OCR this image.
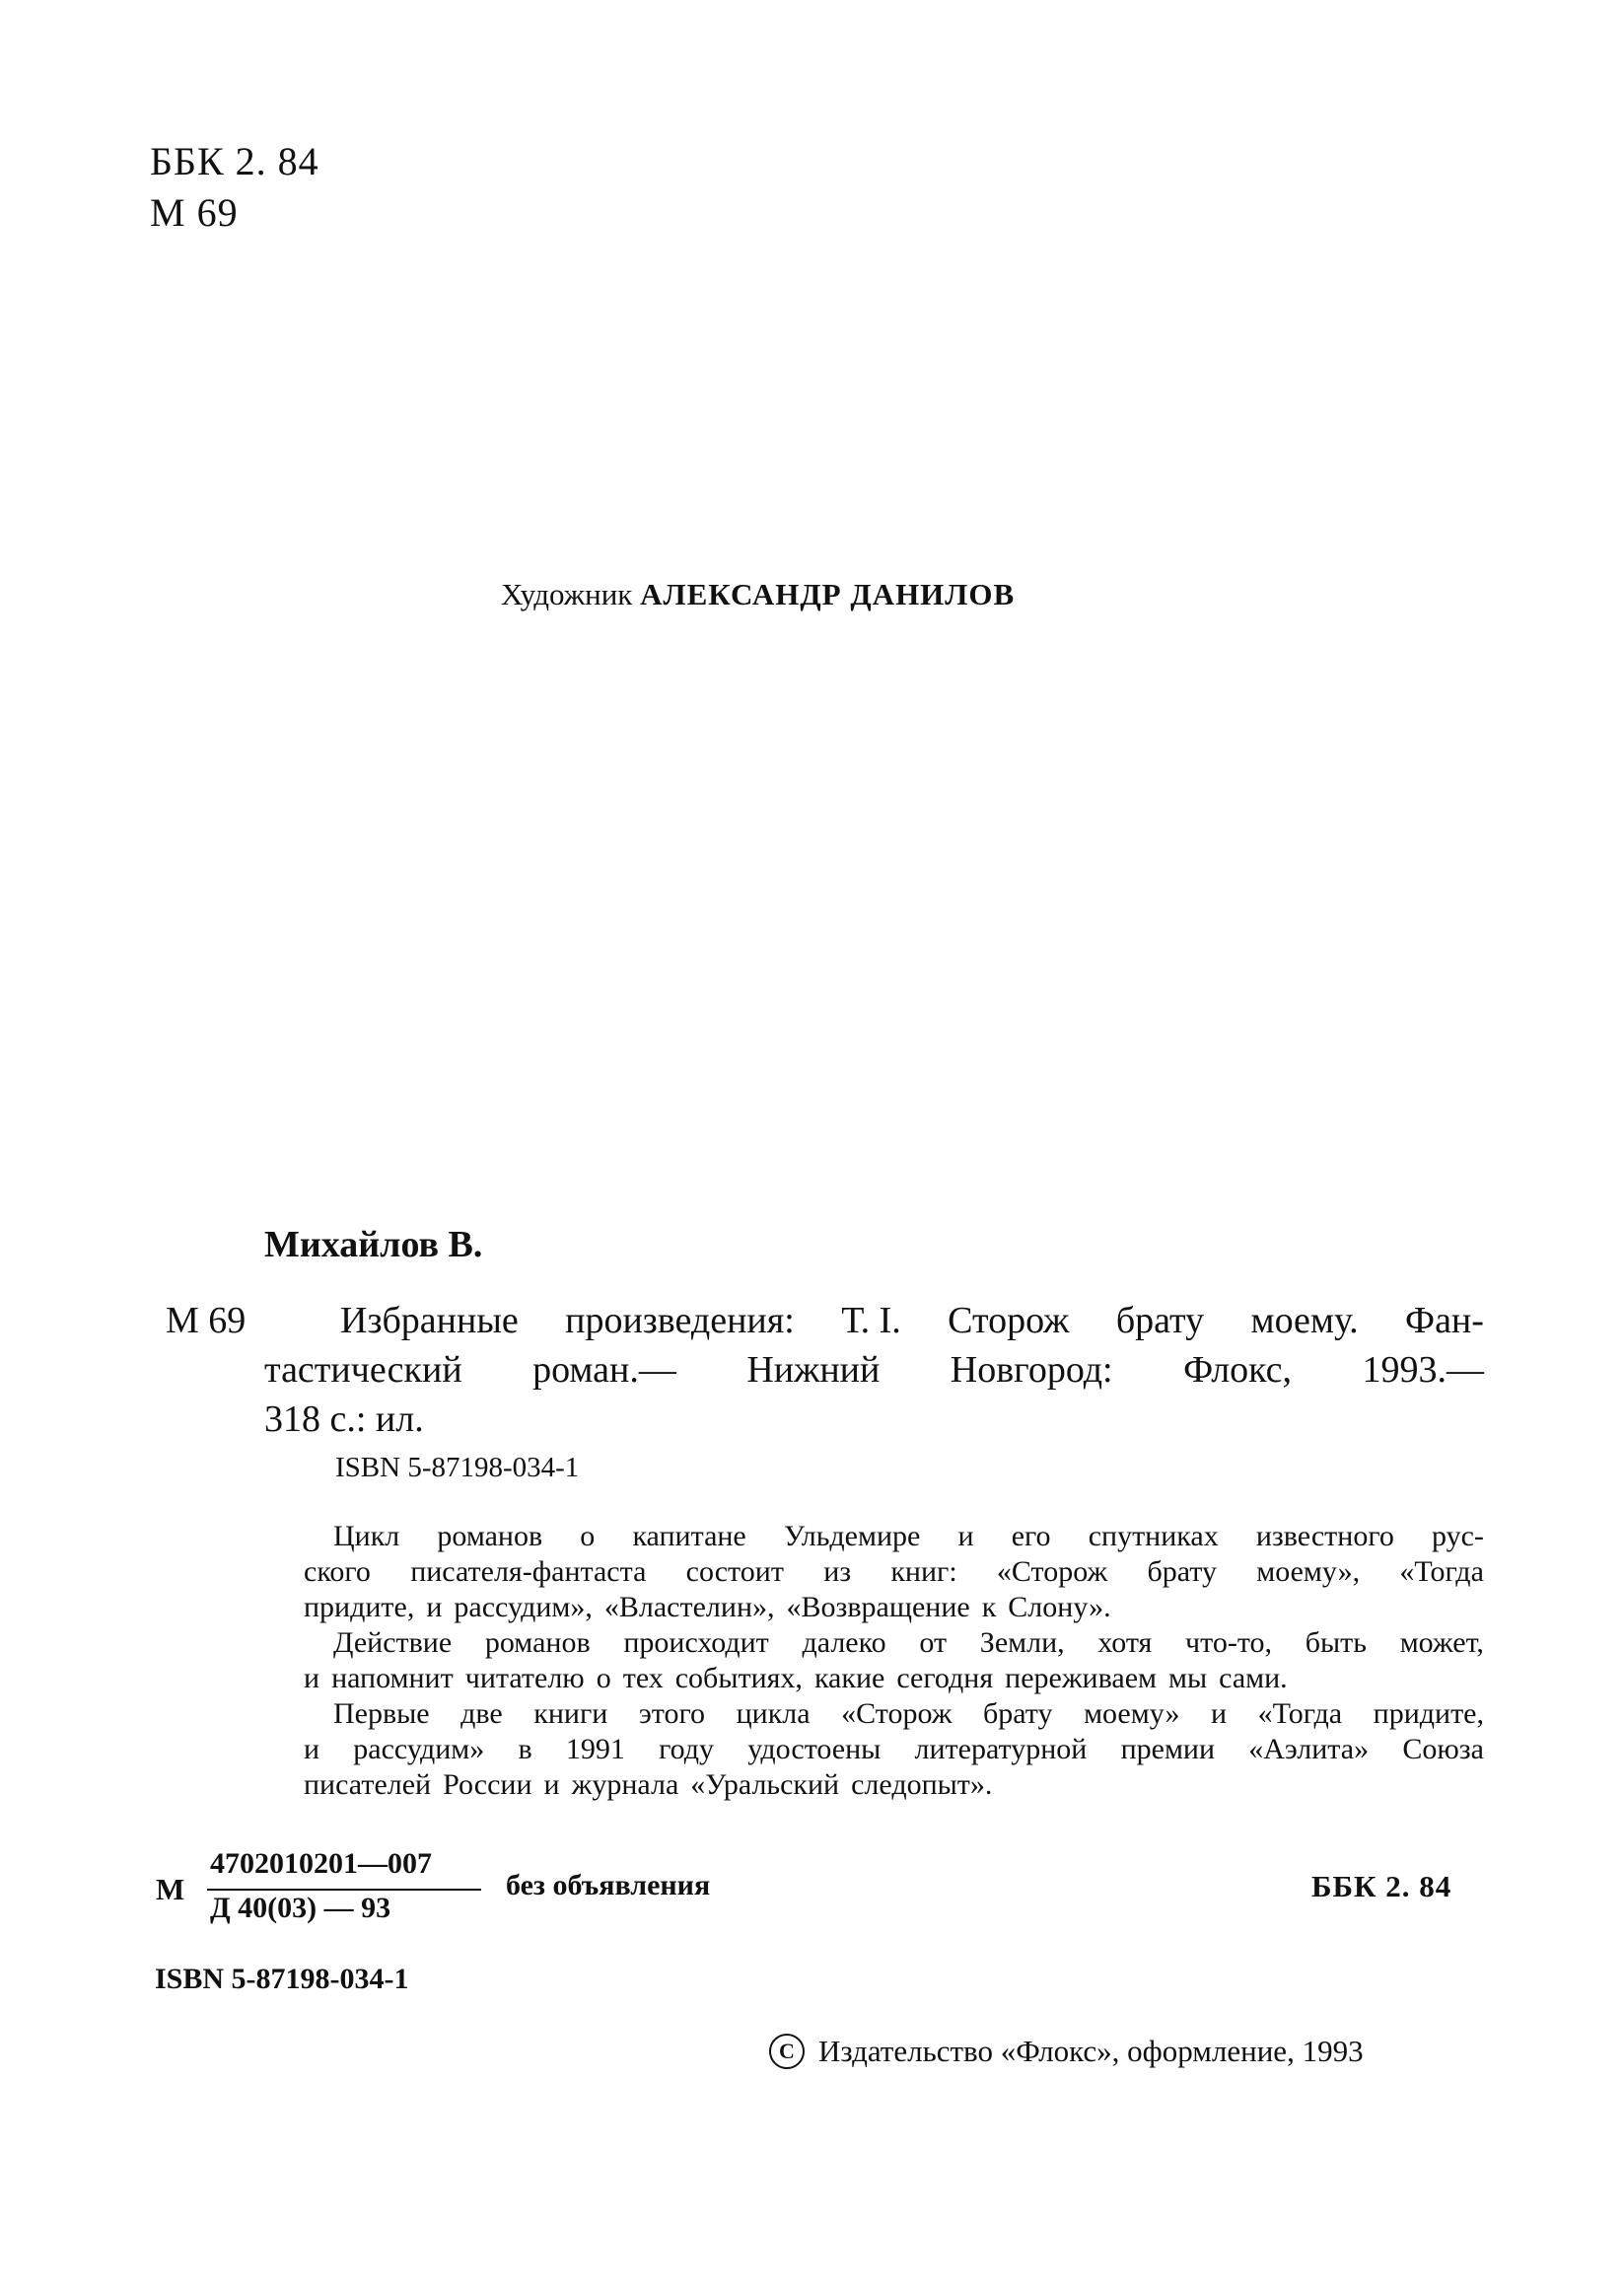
ББК 2. 84
М 69
Художник АЛЕКСАНДР ДАНИЛОВ
Михайлов В.
М 69	Избранные произведения: Т. I. Сторож брату моему. Фан-
тастический роман.— Нижний Новгород: Флокс, 1993.—
318 с.: ил.
ISBN 5-87198-034-1
Цикл романов о капитане Ульдемире и его спутниках известного рус-
ского писателя-фантаста состоит из книг: «Сторож брату моему», «Тогда
придите, и рассудим», «Властелин», «Возвращение к Слону».
Действие романов происходит далеко от Земли, хотя что-то, быть может,
и напомнит читателю о тех событиях, какие сегодня переживаем мы сами.
Первые две книги этого цикла «Сторож брату моему» и «Тогда придите,
и рассудим» в 1991 году удостоены литературной премии «Аэлита» Союза
писателей России и журнала «Уральский следопыт».
М
4702010201—007
Д 40(03) — 93
без объявления	ББК 2. 84
ISBN 5-87198-034-1
C Издательство «Флокс», оформление, 1993
